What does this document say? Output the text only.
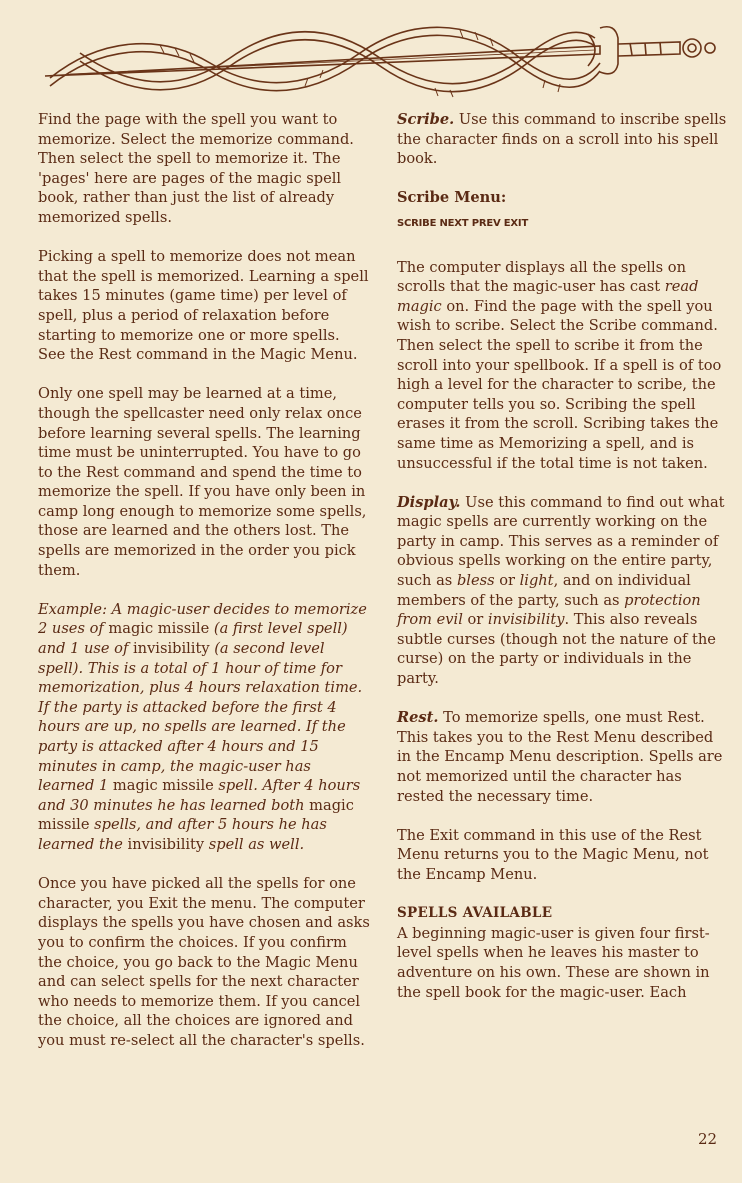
Find the page with the spell you want to memorize. Select the memorize command. Then select the spell to memorize it. The 'pages' here are pages of the magic spell book, rather than just the list of already memorized spells.

Picking a spell to memorize does not mean that the spell is memorized. Learning a spell takes 15 minutes (game time) per level of spell, plus a period of relaxation before starting to memorize one or more spells. See the Rest command in the Magic Menu.

Only one spell may be learned at a time, though the spellcaster need only relax once before learning several spells. The learning time must be uninterrupted. You have to go to the Rest command and spend the time to memorize the spell. If you have only been in camp long enough to memorize some spells, those are learned and the others lost. The spells are memorized in the order you pick them.

Example: A magic-user decides to memorize 2 uses of magic missile (a first level spell) and 1 use of invisibility (a second level spell). This is a total of 1 hour of time for memorization, plus 4 hours relaxation time. If the party is attacked before the first 4 hours are up, no spells are learned. If the party is attacked after 4 hours and 15 minutes in camp, the magic-user has learned 1 magic missile spell. After 4 hours and 30 minutes he has learned both magic missile spells, and after 5 hours he has learned the invisibility spell as well.

Once you have picked all the spells for one character, you Exit the menu. The computer displays the spells you have chosen and asks you to confirm the choices. If you confirm the choice, you go back to the Magic Menu and can select spells for the next character who needs to memorize them. If you cancel the choice, all the choices are ignored and you must re-select all the character's spells.

Scribe. Use this command to inscribe spells the character finds on a scroll into his spell book.

Scribe Menu:
SCRIBE NEXT PREV EXIT

The computer displays all the spells on scrolls that the magic-user has cast read magic on. Find the page with the spell you wish to scribe. Select the Scribe command. Then select the spell to scribe it from the scroll into your spellbook. If a spell is of too high a level for the character to scribe, the computer tells you so. Scribing the spell erases it from the scroll. Scribing takes the same time as Memorizing a spell, and is unsuccessful if the total time is not taken.

Display. Use this command to find out what magic spells are currently working on the party in camp. This serves as a reminder of obvious spells working on the entire party, such as bless or light, and on individual members of the party, such as protection from evil or invisibility. This also reveals subtle curses (though not the nature of the curse) on the party or individuals in the party.

Rest. To memorize spells, one must Rest. This takes you to the Rest Menu described in the Encamp Menu description. Spells are not memorized until the character has rested the necessary time.

The Exit command in this use of the Rest Menu returns you to the Magic Menu, not the Encamp Menu.

SPELLS AVAILABLE

A beginning magic-user is given four first-level spells when he leaves his master to adventure on his own. These are shown in the spell book for the magic-user. Each

22
